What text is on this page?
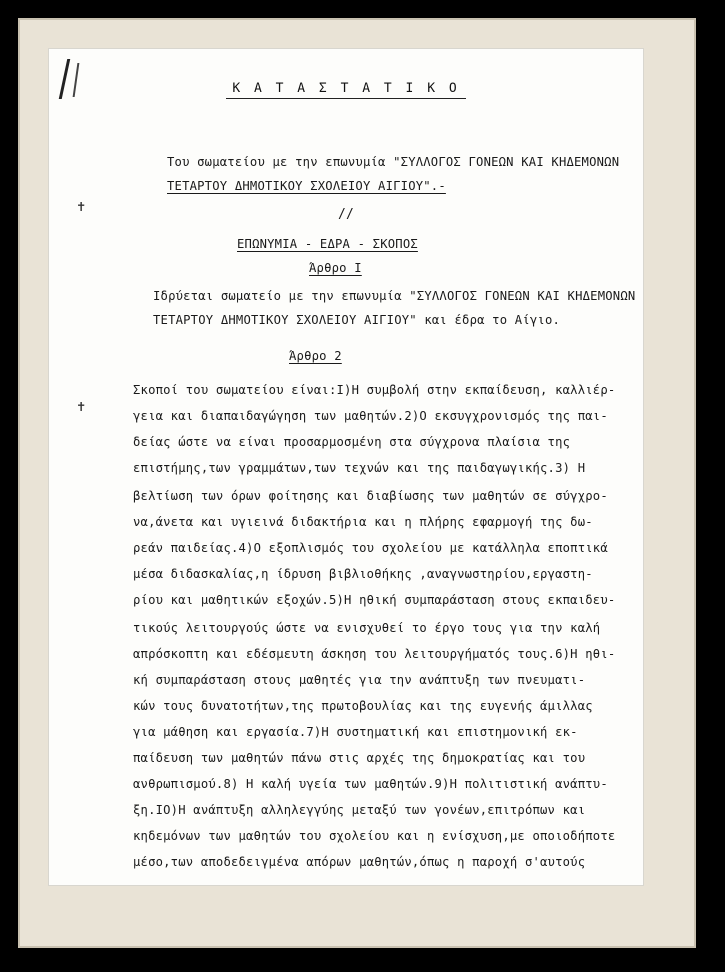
✝
✝
Κ Α Τ Α Σ Τ Α Τ Ι Κ Ο
Του σωματείου με την επωνυμία "ΣΥΛΛΟΓΟΣ ΓΟΝΕΩΝ ΚΑΙ ΚΗΔΕΜΟΝΩΝ
ΤΕΤΑΡΤΟΥ ΔΗΜΟΤΙΚΟΥ ΣΧΟΛΕΙΟΥ ΑΙΓΙΟΥ".-
//
ΕΠΩΝΥΜΙΑ - ΕΔΡΑ - ΣΚΟΠΟΣ
Άρθρο Ι
Ιδρύεται σωματείο με την επωνυμία "ΣΥΛΛΟΓΟΣ ΓΟΝΕΩΝ ΚΑΙ ΚΗΔΕΜΟΝΩΝ
ΤΕΤΑΡΤΟΥ ΔΗΜΟΤΙΚΟΥ ΣΧΟΛΕΙΟΥ ΑΙΓΙΟΥ" και έδρα το Αίγιο.
Άρθρο 2
Σκοποί του σωματείου είναι:Ι)Η συμβολή στην εκπαίδευση, καλλιέρ-
γεια και διαπαιδαγώγηση των μαθητών.2)Ο εκσυγχρονισμός της παι-
δείας ώστε να είναι προσαρμοσμένη στα σύγχρονα πλαίσια της
επιστήμης,των γραμμάτων,των τεχνών και της παιδαγωγικής.3) Η
βελτίωση των όρων φοίτησης και διαβίωσης των μαθητών σε σύγχρο-
να,άνετα και υγιεινά διδακτήρια και η πλήρης εφαρμογή της δω-
ρεάν παιδείας.4)Ο εξοπλισμός του σχολείου με κατάλληλα εποπτικά
μέσα διδασκαλίας,η ίδρυση βιβλιοθήκης ,αναγνωστηρίου,εργαστη-
ρίου και μαθητικών εξοχών.5)Η ηθική συμπαράσταση στους εκπαιδευ-
τικούς λειτουργούς ώστε να ενισχυθεί το έργο τους για την καλή
απρόσκοπτη και εδέσμευτη άσκηση του λειτουργήματός τους.6)Η ηθι-
κή συμπαράσταση στους μαθητές για την ανάπτυξη των πνευματι-
κών τους δυνατοτήτων,της πρωτοβουλίας και της ευγενής άμιλλας
για μάθηση και εργασία.7)Η συστηματική και επιστημονική εκ-
παίδευση των μαθητών πάνω στις αρχές της δημοκρατίας και του
ανθρωπισμού.8) Η καλή υγεία των μαθητών.9)Η πολιτιστική ανάπτυ-
ξη.ΙΟ)Η ανάπτυξη αλληλεγγύης μεταξύ των γονέων,επιτρόπων και
κηδεμόνων των μαθητών του σχολείου και η ενίσχυση,με οποιοδήποτε
μέσο,των αποδεδειγμένα απόρων μαθητών,όπως η παροχή σ'αυτούς
